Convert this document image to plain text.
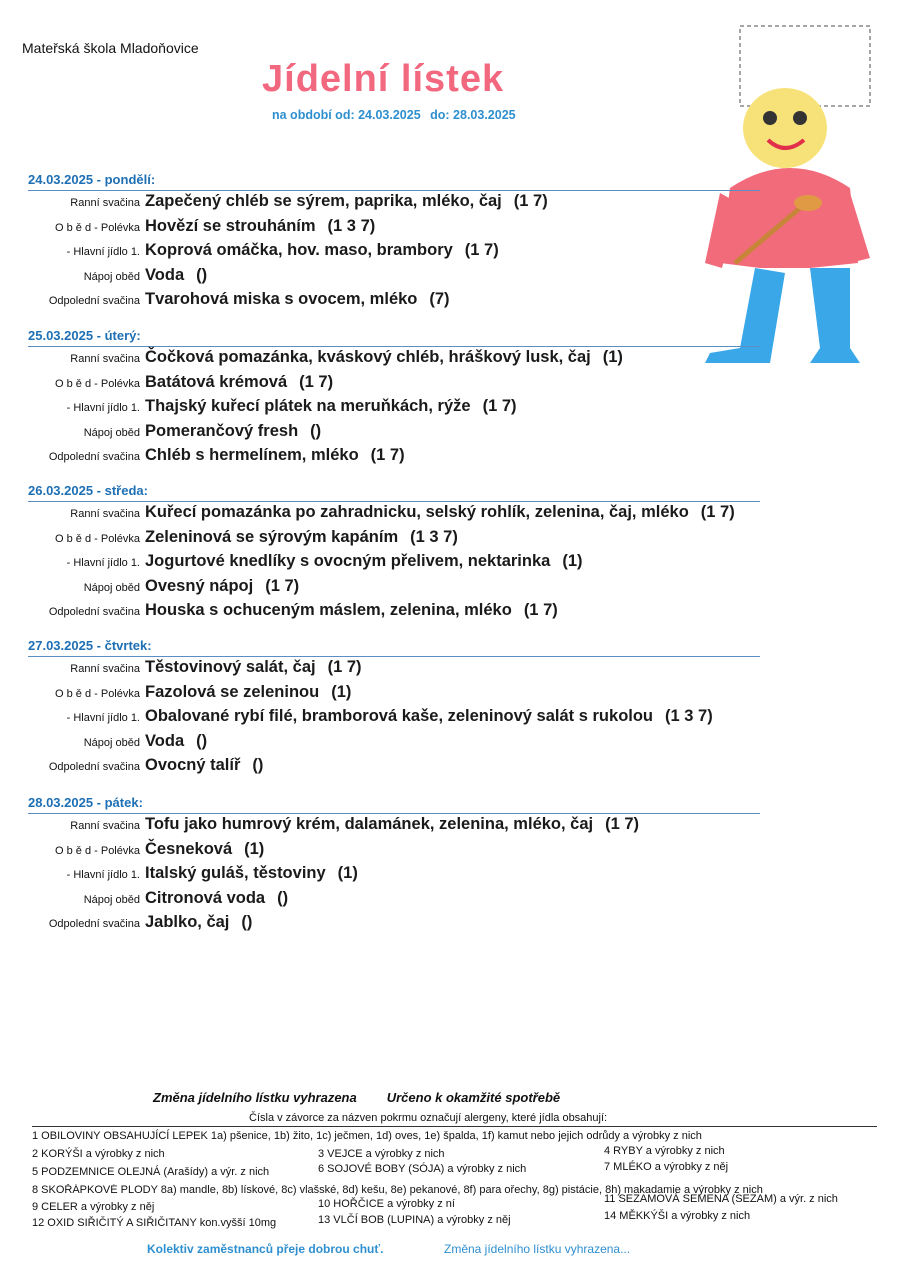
Mateřská škola Mladoňovice
Jídelní lístek
na období od: 24.03.2025 do: 28.03.2025
24.03.2025 - pondělí:
Ranní svačina Zapečený chléb se sýrem, paprika, mléko, čaj (1 7)
O b ě d - Polévka Hovězí se strouháním (1 3 7)
- Hlavní jídlo 1. Koprová omáčka, hov. maso, brambory (1 7)
Nápoj oběd Voda ()
Odpolední svačina Tvarohová miska s ovocem, mléko (7)
25.03.2025 - úterý:
Ranní svačina Čočková pomazánka, kváskový chléb, hráškový lusk, čaj (1)
O b ě d - Polévka Batátová krémová (1 7)
- Hlavní jídlo 1. Thajský kuřecí plátek na meruňkách, rýže (1 7)
Nápoj oběd Pomerančový fresh ()
Odpolední svačina Chléb s hermelínem, mléko (1 7)
26.03.2025 - středa:
Ranní svačina Kuřecí pomazánka po zahradnicku, selský rohlík, zelenina, čaj, mléko (1 7)
O b ě d - Polévka Zeleninová se sýrovým kapáním (1 3 7)
- Hlavní jídlo 1. Jogurtové knedlíky s ovocným přelivem, nektarinka (1)
Nápoj oběd Ovesný nápoj (1 7)
Odpolední svačina Houska s ochuceným máslem, zelenina, mléko (1 7)
27.03.2025 - čtvrtek:
Ranní svačina Těstovinový salát, čaj (1 7)
O b ě d - Polévka Fazolová se zeleninou (1)
- Hlavní jídlo 1. Obalované rybí filé, bramborová kaše, zeleninový salát s rukolou (1 3 7)
Nápoj oběd Voda ()
Odpolední svačina Ovocný talíř ()
28.03.2025 - pátek:
Ranní svačina Tofu jako humrový krém, dalamánek, zelenina, mléko, čaj (1 7)
O b ě d - Polévka Česneková (1)
- Hlavní jídlo 1. Italský guláš, těstoviny (1)
Nápoj oběd Citronová voda ()
Odpolední svačina Jablko, čaj ()
Změna jídelního lístku vyhrazena Určeno k okamžité spotřebě
Čísla v závorce za názven pokrmu označují alergeny, které jídla obsahují:
1 OBILOVINY OBSAHUJÍCÍ LEPEK 1a) pšenice, 1b) žito, 1c) ječmen, 1d) oves, 1e) špalda, 1f) kamut nebo jejich odrůdy a výrobky z nich
2 KORÝŠI a výrobky z nich	3 VEJCE a výrobky z nich	4 RYBY a výrobky z nich
5 PODZEMNICE OLEJNÁ (Arašídy) a výr. z nich	6 SOJOVÉ BOBY (SÓJA) a výrobky z nich	7 MLÉKO a výrobky z něj
8 SKOŘÁPKOVÉ PLODY 8a) mandle, 8b) lískové, 8c) vlašské, 8d) kešu, 8e) pekanové, 8f) para ořechy, 8g) pistácie, 8h) makadamie a výrobky z nich
9 CELER a výrobky z něj	10 HOŘČICE a výrobky z ní	11 SEZAMOVÁ SEMENA (SEZAM) a výr. z nich
12 OXID SIŘIČITÝ A SIŘIČITANY kon.vyšší 10mg	13 VLČÍ BOB (LUPINA) a výrobky z něj	14 MĚKKÝŠI a výrobky z nich
Kolektiv zaměstnanců přeje dobrou chuť.	Změna jídelního lístku vyhrazena...
